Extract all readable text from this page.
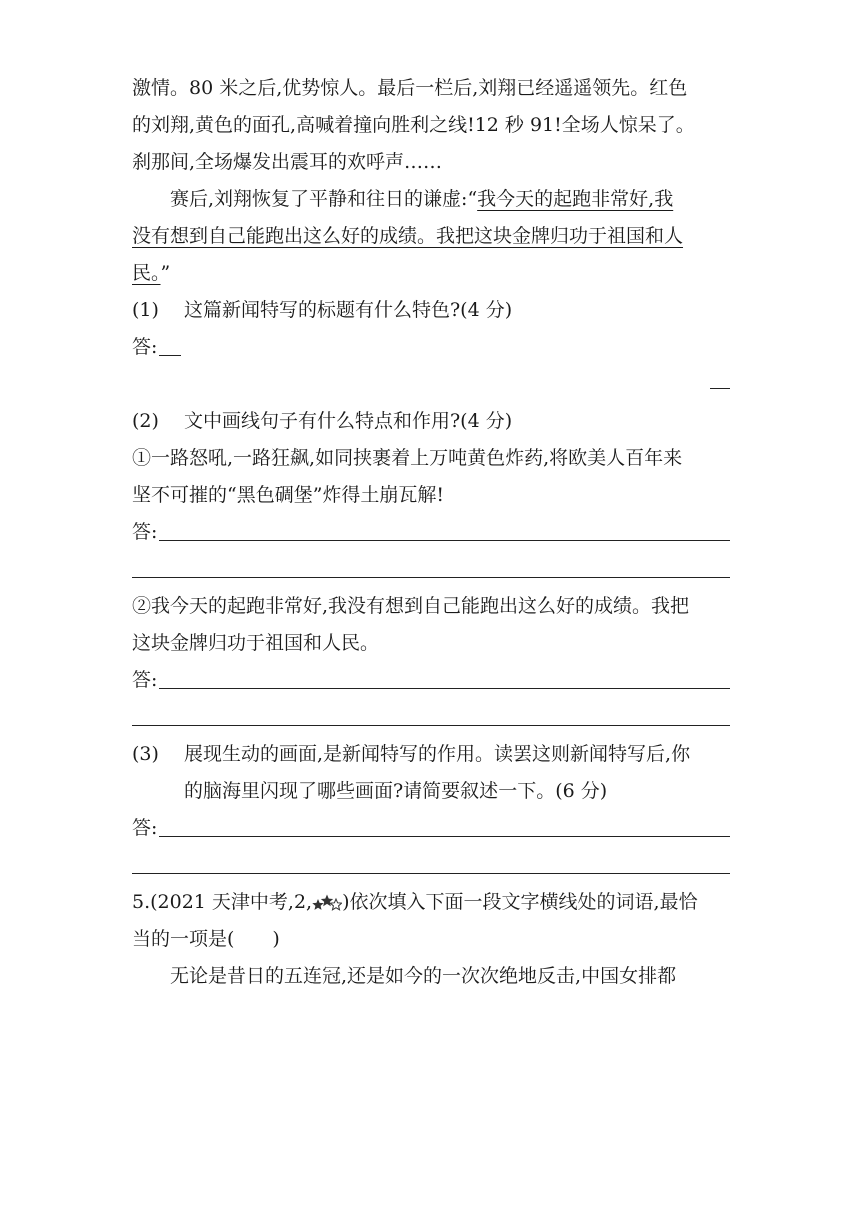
激情。80 米之后,优势惊人。最后一栏后,刘翔已经遥遥领先。红色
的刘翔,黄色的面孔,高喊着撞向胜利之线!12 秒 91!全场人惊呆了。
刹那间,全场爆发出震耳的欢呼声……
赛后,刘翔恢复了平静和往日的谦虚:“我今天的起跑非常好,我
没有想到自己能跑出这么好的成绩。我把这块金牌归功于祖国和人
民。”
(1)	这篇新闻特写的标题有什么特色?(4 分)
答:
(2)	文中画线句子有什么特点和作用?(4 分)
①一路怒吼,一路狂飙,如同挟裹着上万吨黄色炸药,将欧美人百年来
坚不可摧的“黑色碉堡”炸得土崩瓦解!
答:
②我今天的起跑非常好,我没有想到自己能跑出这么好的成绩。我把
这块金牌归功于祖国和人民。
答:
(3)	展现生动的画面,是新闻特写的作用。读罢这则新闻特写后,你
的脑海里闪现了哪些画面?请简要叙述一下。(6 分)
答:
5.(2021 天津中考,2, )依次填入下面一段文字横线处的词语,最恰
当的一项是(　　)
无论是昔日的五连冠,还是如今的一次次绝地反击,中国女排都
